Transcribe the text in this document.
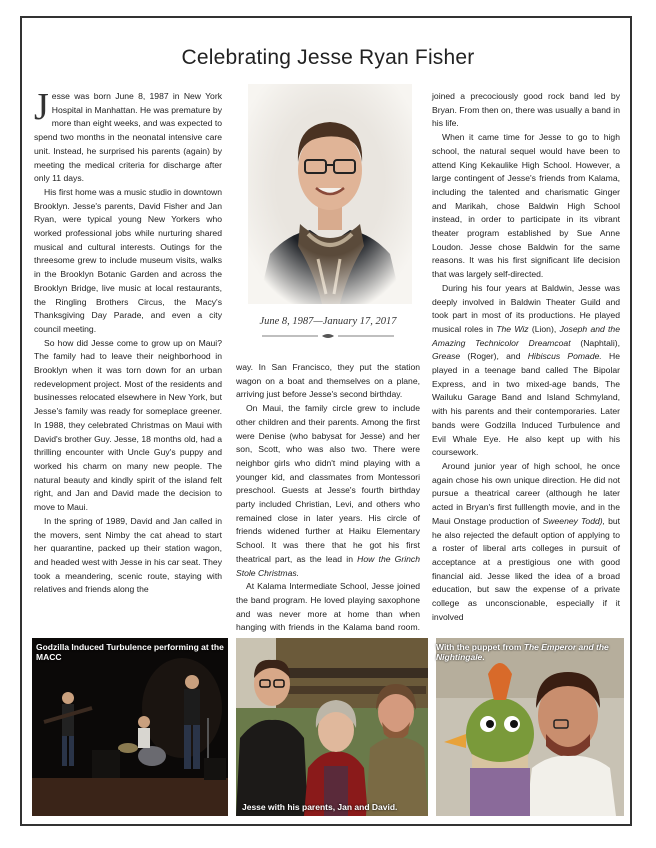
Celebrating Jesse Ryan Fisher

Jesse was born June 8, 1987 in New York Hospital in Manhattan. He was premature by more than eight weeks, and was expected to spend two months in the neonatal intensive care unit. Instead, he surprised his parents (again) by meeting the medical criteria for discharge after only 11 days.

His first home was a music studio in downtown Brooklyn. Jesse's parents, David Fisher and Jan Ryan, were typical young New Yorkers who worked professional jobs while nurturing shared musical and cultural interests. Outings for the threesome grew to include museum visits, walks in the Brooklyn Botanic Garden and across the Brooklyn Bridge, live music at local restaurants, the Ringling Brothers Circus, the Macy's Thanksgiving Day Parade, and even a city council meeting.

So how did Jesse come to grow up on Maui? The family had to leave their neighborhood in Brooklyn when it was torn down for an urban redevelopment project. Most of the residents and businesses relocated elsewhere in New York, but Jesse's family was ready for someplace greener. In 1988, they celebrated Christmas on Maui with David's brother Guy. Jesse, 18 months old, had a thrilling encounter with Uncle Guy's puppy and worked his charm on many new people. The natural beauty and kindly spirit of the island felt right, and Jan and David made the decision to move to Maui.

In the spring of 1989, David and Jan called in the movers, sent Nimby the cat ahead to start her quarantine, packed up their station wagon, and headed west with Jesse in his car seat. They took a meandering, scenic route, staying with relatives and friends along the

June 8, 1987—January 17, 2017

way. In San Francisco, they put the station wagon on a boat and themselves on a plane, arriving just before Jesse's second birthday.

On Maui, the family circle grew to include other children and their parents. Among the first were Denise (who babysat for Jesse) and her son, Scott, who was also two. There were neighbor girls who didn't mind playing with a younger kid, and classmates from Montessori preschool. Guests at Jesse's fourth birthday party included Christian, Levi, and others who remained close in later years. His circle of friends widened further at Haiku Elementary School. It was there that he got his first theatrical part, as the lead in How the Grinch Stole Christmas.

At Kalama Intermediate School, Jesse joined the band program. He loved playing saxophone and was never more at home than when hanging with friends in the Kalama band room.

joined a precociously good rock band led by Bryan. From then on, there was usually a band in his life.

When it came time for Jesse to go to high school, the natural sequel would have been to attend King Kekaulike High School. However, a large contingent of Jesse's friends from Kalama, including the talented and charismatic Ginger and Marikah, chose Baldwin High School instead, in order to participate in its vibrant theater program established by Sue Anne Loudon. Jesse chose Baldwin for the same reasons. It was his first significant life decision that was largely self-directed.

During his four years at Baldwin, Jesse was deeply involved in Baldwin Theater Guild and took part in most of its productions. He played musical roles in The Wiz (Lion), Joseph and the Amazing Technicolor Dreamcoat (Naphtali), Grease (Roger), and Hibiscus Pomade. He played in a teenage band called The Bipolar Express, and in two mixed-age bands, The Wailuku Garage Band and Island Schmyland, with his parents and their contemporaries. Later bands were Godzilla Induced Turbulence and Evil Whale Eye. He also kept up with his coursework.

Around junior year of high school, he once again chose his own unique direction. He did not pursue a theatrical career (although he later acted in Bryan's first fulllength movie, and in the Maui Onstage production of Sweeney Todd), but he also rejected the default option of applying to a roster of liberal arts colleges in pursuit of acceptance at a prestigious one with good financial aid. Jesse liked the idea of a broad education, but saw the expense of a private college as unconscionable, especially if it involved

Godzilla Induced Turbulence performing at the MACC
Jesse with his parents, Jan and David.
With the puppet from The Emperor and the Nightingale.
